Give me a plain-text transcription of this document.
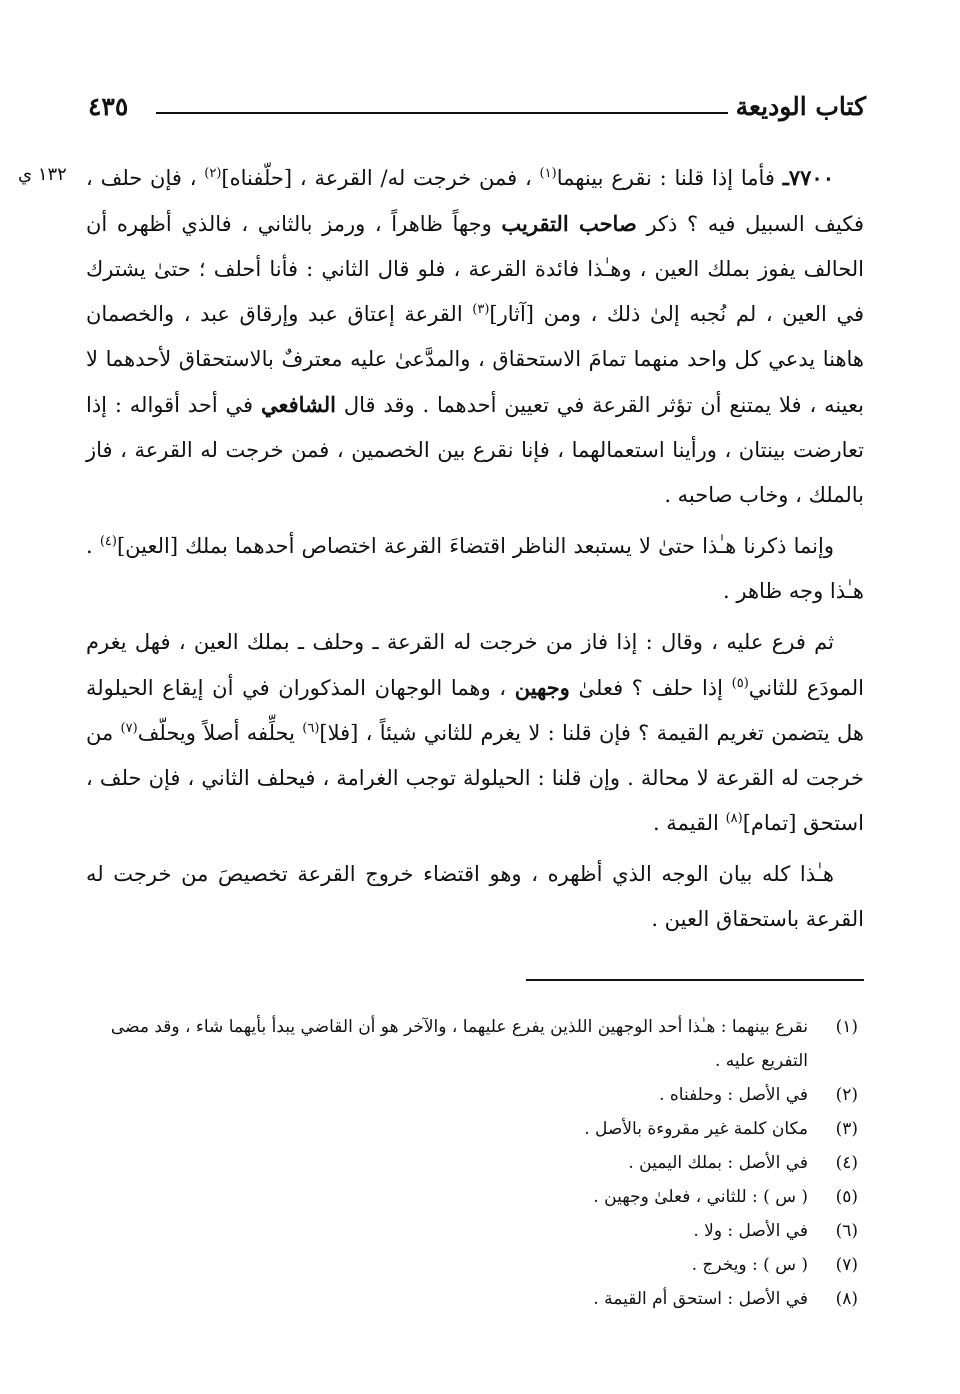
كتاب الوديعة
٤٣٥
١٣٢ ي	٧٧٠٠ـ فأما إذا قلنا : نقرع بينهما$^{(١)}$ ، فمن خرجت له/ القرعة ، [حلّفناه]$^{(٢)}$ ، فإن حلف ، فكيف السبيل فيه ؟ ذكر صاحب التقريب وجهاً ظاهراً ، ورمز بالثاني ، فالذي أظهره أن الحالف يفوز بملك العين ، وهـٰذا فائدة القرعة ، فلو قال الثاني : فأنا أحلف ؛ حتىٰ يشترك في العين ، لم نُجبه إلىٰ ذلك ، ومن [آثار]$^{(٣)}$ القرعة إعتاق عبد وإرقاق عبد ، والخصمان هاهنا يدعي كل واحد منهما تمامَ الاستحقاق ، والمدَّعىٰ عليه معترفٌ بالاستحقاق لأحدهما لا بعينه ، فلا يمتنع أن تؤثر القرعة في تعيين أحدهما . وقد قال الشافعي في أحد أقواله : إذا تعارضت بينتان ، ورأينا استعمالهما ، فإنا نقرع بين الخصمين ، فمن خرجت له القرعة ، فاز بالملك ، وخاب صاحبه .

وإنما ذكرنا هـٰذا حتىٰ لا يستبعد الناظر اقتضاءَ القرعة اختصاص أحدهما بملك [العين]$^{(٤)}$ . هـٰذا وجه ظاهر .

ثم فرع عليه ، وقال : إذا فاز من خرجت له القرعة ـ وحلف ـ بملك العين ، فهل يغرم المودَع للثاني$^{(٥)}$ إذا حلف ؟ فعلىٰ وجهين ، وهما الوجهان المذكوران في أن إيقاع الحيلولة هل يتضمن تغريم القيمة ؟ فإن قلنا : لا يغرم للثاني شيئاً ، [فلا]$^{(٦)}$ يحلِّفه أصلاً ويحلّف$^{(٧)}$ من خرجت له القرعة لا محالة . وإن قلنا : الحيلولة توجب الغرامة ، فيحلف الثاني ، فإن حلف ، استحق [تمام]$^{(٨)}$ القيمة .

هـٰذا كله بيان الوجه الذي أظهره ، وهو اقتضاء خروج القرعة تخصيصَ من خرجت له القرعة باستحقاق العين .

(١)
نقرع بينهما : هـٰذا أحد الوجهين اللذين يفرع عليهما ، والآخر هو أن القاضي يبدأ بأيهما شاء ، وقد مضى التفريع عليه .
(٢)
في الأصل : وحلفناه .
(٣)
مكان كلمة غير مقروءة بالأصل .
(٤)
في الأصل : بملك اليمين .
(٥)
( س ) : للثاني ، فعلىٰ وجهين .
(٦)
في الأصل : ولا .
(٧)
( س ) : ويخرج .
(٨)
في الأصل : استحق أم القيمة .
